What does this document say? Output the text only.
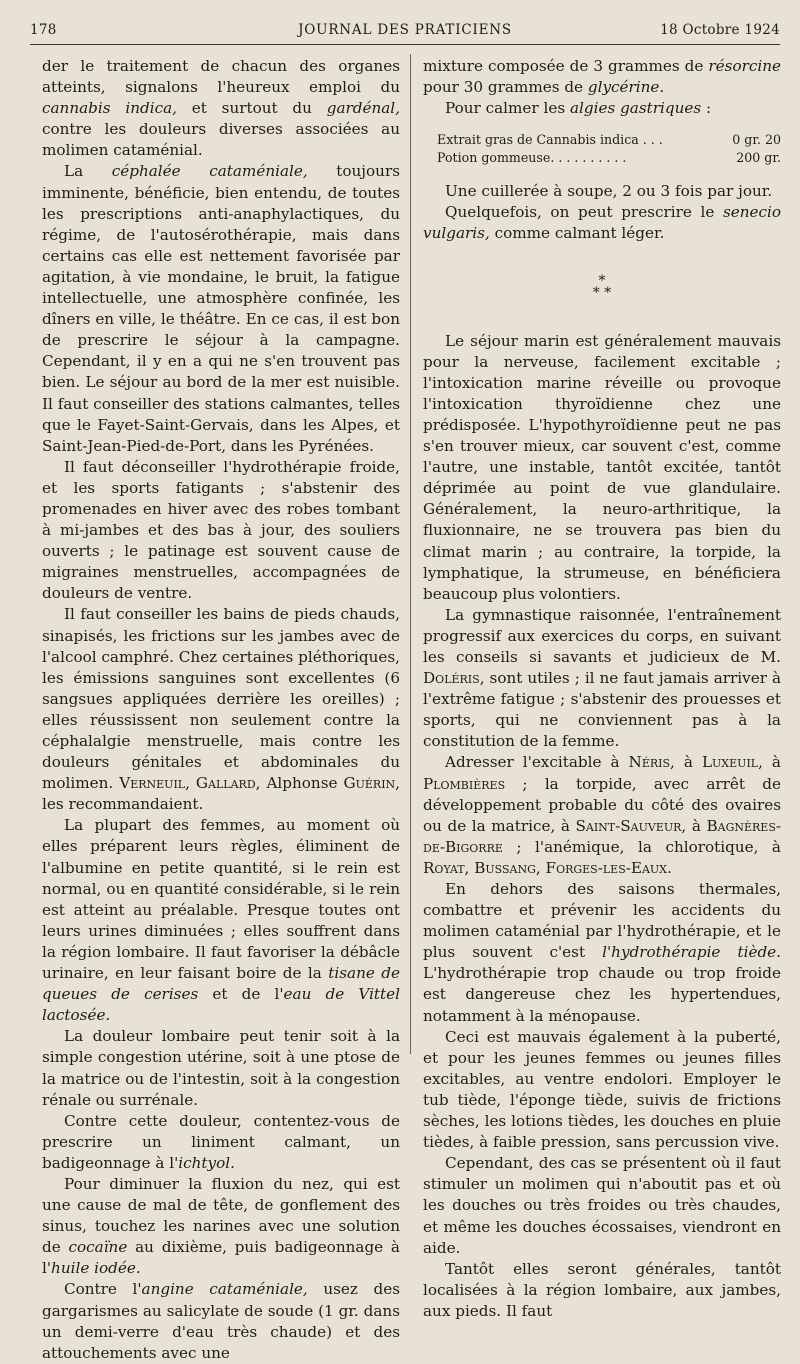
178	JOURNAL DES PRATICIENS	18 Octobre 1924

der le traitement de chacun des organes atteints, signalons l'heureux emploi du cannabis indica, et surtout du gardénal, contre les douleurs diverses associées au molimen cataménial.

La céphalée cataméniale, toujours imminente, bénéficie, bien entendu, de toutes les prescriptions anti-anaphylactiques, du régime, de l'autosérothérapie, mais dans certains cas elle est nettement favorisée par agitation, à vie mondaine, le bruit, la fatigue intellectuelle, une atmosphère confinée, les dîners en ville, le théâtre. En ce cas, il est bon de prescrire le séjour à la campagne. Cependant, il y en a qui ne s'en trouvent pas bien. Le séjour au bord de la mer est nuisible. Il faut conseiller des stations calmantes, telles que le Fayet-Saint-Gervais, dans les Alpes, et Saint-Jean-Pied-de-Port, dans les Pyrénées.

Il faut déconseiller l'hydrothérapie froide, et les sports fatigants ; s'abstenir des promenades en hiver avec des robes tombant à mi-jambes et des bas à jour, des souliers ouverts ; le patinage est souvent cause de migraines menstruelles, accompagnées de douleurs de ventre.

Il faut conseiller les bains de pieds chauds, sinapisés, les frictions sur les jambes avec de l'alcool camphré. Chez certaines pléthoriques, les émissions sanguines sont excellentes (6 sangsues appliquées derrière les oreilles) ; elles réussissent non seulement contre la céphalalgie menstruelle, mais contre les douleurs génitales et abdominales du molimen. Verneuil, Gallard, Alphonse Guérin, les recommandaient.

La plupart des femmes, au moment où elles préparent leurs règles, éliminent de l'albumine en petite quantité, si le rein est normal, ou en quantité considérable, si le rein est atteint au préalable. Presque toutes ont leurs urines diminuées ; elles souffrent dans la région lombaire. Il faut favoriser la débâcle urinaire, en leur faisant boire de la tisane de queues de cerises et de l'eau de Vittel lactosée.

La douleur lombaire peut tenir soit à la simple congestion utérine, soit à une ptose de la matrice ou de l'intestin, soit à la congestion rénale ou surrénale.

Contre cette douleur, contentez-vous de prescrire un liniment calmant, un badigeonnage à l'ichtyol.

Pour diminuer la fluxion du nez, qui est une cause de mal de tête, de gonflement des sinus, touchez les narines avec une solution de cocaïne au dixième, puis badigeonnage à l'huile iodée.

Contre l'angine cataméniale, usez des gargarismes au salicylate de soude (1 gr. dans un demi-verre d'eau très chaude) et des attouchements avec une

mixture composée de 3 grammes de résorcine pour 30 grammes de glycérine.

Pour calmer les algies gastriques :

Extrait gras de Cannabis indica . . .	0 gr. 20
Potion gommeuse. . . . . . . . . .	200 gr.

Une cuillerée à soupe, 2 ou 3 fois par jour.

Quelquefois, on peut prescrire le senecio vulgaris, comme calmant léger.

*
* *

Le séjour marin est généralement mauvais pour la nerveuse, facilement excitable ; l'intoxication marine réveille ou provoque l'intoxication thyroïdienne chez une prédisposée. L'hypothyroïdienne peut ne pas s'en trouver mieux, car souvent c'est, comme l'autre, une instable, tantôt excitée, tantôt déprimée au point de vue glandulaire. Généralement, la neuro-arthritique, la fluxionnaire, ne se trouvera pas bien du climat marin ; au contraire, la torpide, la lymphatique, la strumeuse, en bénéficiera beaucoup plus volontiers.

La gymnastique raisonnée, l'entraînement progressif aux exercices du corps, en suivant les conseils si savants et judicieux de M. Doléris, sont utiles ; il ne faut jamais arriver à l'extrême fatigue ; s'abstenir des prouesses et sports, qui ne conviennent pas à la constitution de la femme.

Adresser l'excitable à Néris, à Luxeuil, à Plombières ; la torpide, avec arrêt de développement probable du côté des ovaires ou de la matrice, à Saint-Sauveur, à Bagnères-de-Bigorre ; l'anémique, la chlorotique, à Royat, Bussang, Forges-les-Eaux.

En dehors des saisons thermales, combattre et prévenir les accidents du molimen cataménial par l'hydrothérapie, et le plus souvent c'est l'hydrothérapie tiède. L'hydrothérapie trop chaude ou trop froide est dangereuse chez les hypertendues, notamment à la ménopause.

Ceci est mauvais également à la puberté, et pour les jeunes femmes ou jeunes filles excitables, au ventre endolori. Employer le tub tiède, l'éponge tiède, suivis de frictions sèches, les lotions tièdes, les douches en pluie tièdes, à faible pression, sans percussion vive.

Cependant, des cas se présentent où il faut stimuler un molimen qui n'aboutit pas et où les douches ou très froides ou très chaudes, et même les douches écossaises, viendront en aide.

Tantôt elles seront générales, tantôt localisées à la région lombaire, aux jambes, aux pieds. Il faut
